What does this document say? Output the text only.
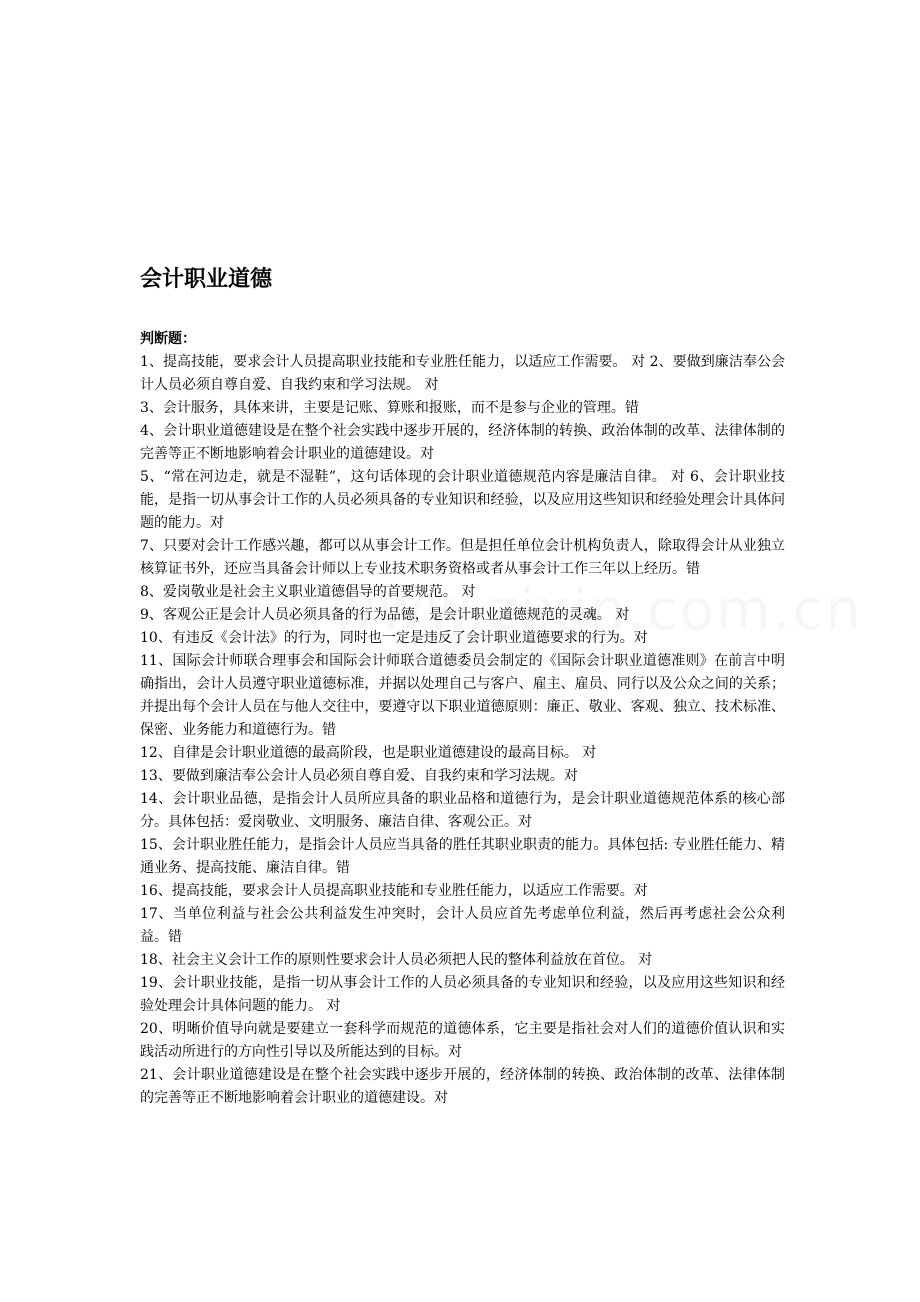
会计职业道德

判断题：

1、提高技能，要求会计人员提高职业技能和专业胜任能力，以适应工作需要。 对 2、要做到廉洁奉公会计人员必须自尊自爱、自我约束和学习法规。 对

3、会计服务，具体来讲，主要是记账、算账和报账，而不是参与企业的管理。错

4、会计职业道德建设是在整个社会实践中逐步开展的，经济体制的转换、政治体制的改革、法律体制的完善等正不断地影响着会计职业的道德建设。对

5、“常在河边走，就是不湿鞋”，这句话体现的会计职业道德规范内容是廉洁自律。 对 6、会计职业技能，是指一切从事会计工作的人员必须具备的专业知识和经验，以及应用这些知识和经验处理会计具体问题的能力。对

7、只要对会计工作感兴趣，都可以从事会计工作。但是担任单位会计机构负责人，除取得会计从业独立核算证书外，还应当具备会计师以上专业技术职务资格或者从事会计工作三年以上经历。错

8、爱岗敬业是社会主义职业道德倡导的首要规范。 对

9、客观公正是会计人员必须具备的行为品德，是会计职业道德规范的灵魂。 对

10、有违反《会计法》的行为，同时也一定是违反了会计职业道德要求的行为。对

11、国际会计师联合理事会和国际会计师联合道德委员会制定的《国际会计职业道德准则》在前言中明确指出，会计人员遵守职业道德标准，并据以处理自己与客户、雇主、雇员、同行以及公众之间的关系；并提出每个会计人员在与他人交往中，要遵守以下职业道德原则：廉正、敬业、客观、独立、技术标准、保密、业务能力和道德行为。错

12、自律是会计职业道德的最高阶段，也是职业道德建设的最高目标。 对

13、要做到廉洁奉公会计人员必须自尊自爱、自我约束和学习法规。对

14、会计职业品德，是指会计人员所应具备的职业品格和道德行为，是会计职业道德规范体系的核心部分。具体包括：爱岗敬业、文明服务、廉洁自律、客观公正。对

15、会计职业胜任能力，是指会计人员应当具备的胜任其职业职责的能力。具体包括: 专业胜任能力、精通业务、提高技能、廉洁自律。错

16、提高技能，要求会计人员提高职业技能和专业胜任能力，以适应工作需要。对

17、当单位利益与社会公共利益发生冲突时，会计人员应首先考虑单位利益，然后再考虑社会公众利益。错

18、社会主义会计工作的原则性要求会计人员必须把人民的整体利益放在首位。 对

19、会计职业技能，是指一切从事会计工作的人员必须具备的专业知识和经验，以及应用这些知识和经验处理会计具体问题的能力。 对

20、明晰价值导向就是要建立一套科学而规范的道德体系，它主要是指社会对人们的道德价值认识和实践活动所进行的方向性引导以及所能达到的目标。对

21、会计职业道德建设是在整个社会实践中逐步开展的，经济体制的转换、政治体制的改革、法律体制的完善等正不断地影响着会计职业的道德建设。对
